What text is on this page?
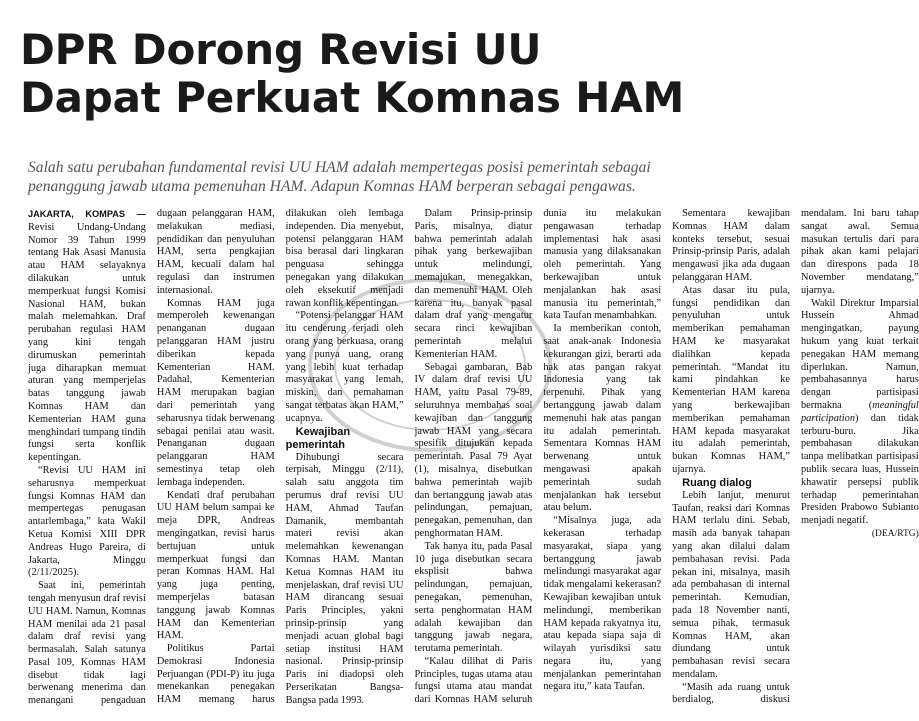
DPR Dorong Revisi UU
Dapat Perkuat Komnas HAM
Salah satu perubahan fundamental revisi UU HAM adalah mempertegas posisi pemerintah sebagai
penanggung jawab utama pemenuhan HAM. Adapun Komnas HAM berperan sebagai pengawas.

JAKARTA, KOMPAS — Revisi Undang-Undang Nomor 39 Tahun 1999 tentang Hak Asasi Manusia atau HAM selayaknya dilakukan untuk memperkuat fungsi Komisi Nasional HAM, bukan malah melemahkan. Draf perubahan regulasi HAM yang kini tengah dirumuskan pemerintah juga diharapkan memuat aturan yang memperjelas batas tanggung jawab Komnas HAM dan Kementerian HAM guna menghindari tumpang tindih fungsi serta konflik kepentingan.

“Revisi UU HAM ini seharusnya memperkuat fungsi Komnas HAM dan mempertegas penugasan antarlembaga,” kata Wakil Ketua Komisi XIII DPR Andreas Hugo Pareira, di Jakarta, Minggu (2/11/2025).

Saat ini, pemerintah tengah menyusun draf revisi UU HAM. Namun, Komnas HAM menilai ada 21 pasal dalam draf revisi yang bermasalah. Salah satunya Pasal 109, Komnas HAM disebut tidak lagi berwenang menerima dan menangani pengaduan dugaan pelanggaran HAM, melakukan mediasi, pendidikan dan penyuluhan HAM, serta pengkajian HAM, kecuali dalam hal regulasi dan instrumen internasional.

Komnas HAM juga memperoleh kewenangan penanganan dugaan pelanggaran HAM justru diberikan kepada Kementerian HAM. Padahal, Kementerian HAM merupakan bagian dari pemerintah yang seharusnya tidak berwenang sebagai penilai atau wasit. Penanganan dugaan pelanggaran HAM semestinya tetap oleh lembaga independen.

Kendati draf perubahan UU HAM belum sampai ke meja DPR, Andreas mengingatkan, revisi harus bertujuan untuk memperkuat fungsi dan peran Komnas HAM. Hal yang juga penting, memperjelas batasan tanggung jawab Komnas HAM dan Kementerian HAM.

Politikus Partai Demokrasi Indonesia Perjuangan (PDI-P) itu juga menekankan penegakan HAM memang harus dilakukan oleh lembaga independen. Dia menyebut, potensi pelanggaran HAM bisa berasal dari lingkaran penguasa sehingga penegakan yang dilakukan oleh eksekutif menjadi rawan konflik kepentingan.

“Potensi pelanggar HAM itu cenderung terjadi oleh orang yang berkuasa, orang yang punya uang, orang yang lebih kuat terhadap masyarakat yang lemah, miskin, dan pemahaman sangat terbatas akan HAM,” ucapnya.

Kewajiban pemerintah

Dihubungi secara terpisah, Minggu (2/11), salah satu anggota tim perumus draf revisi UU HAM, Ahmad Taufan Damanik, membantah materi revisi akan melemahkan kewenangan Komnas HAM. Mantan Ketua Komnas HAM itu menjelaskan, draf revisi UU HAM dirancang sesuai Paris Principles, yakni prinsip-prinsip yang menjadi acuan global bagi setiap institusi HAM nasional. Prinsip-prinsip Paris ini diadopsi oleh Perserikatan Bangsa-Bangsa pada 1993.

Dalam Prinsip-prinsip Paris, misalnya, diatur bahwa pemerintah adalah pihak yang berkewajiban untuk melindungi, memajukan, menegakkan, dan memenuhi HAM. Oleh karena itu, banyak pasal dalam draf yang mengatur secara rinci kewajiban pemerintah melalui Kementerian HAM.

Sebagai gambaran, Bab IV dalam draf revisi UU HAM, yaitu Pasal 79-89, seluruhnya membahas soal kewajiban dan tanggung jawab HAM yang secara spesifik ditujukan kepada pemerintah. Pasal 79 Ayat (1), misalnya, disebutkan bahwa pemerintah wajib dan bertanggung jawab atas pelindungan, pemajuan, penegakan, pemenuhan, dan penghormatan HAM.

Tak hanya itu, pada Pasal 10 juga disebutkan secara eksplisit bahwa pelindungan, pemajuan, penegakan, pemenuhan, serta penghormatan HAM adalah kewajiban dan tanggung jawab negara, terutama pemerintah.

“Kalau dilihat di Paris Principles, tugas utama atau fungsi utama atau mandat dari Komnas HAM seluruh dunia itu melakukan pengawasan terhadap implementasi hak asasi manusia yang dilaksanakan oleh pemerintah. Yang berkewajiban untuk menjalankan hak asasi manusia itu pemerintah,” kata Taufan menambahkan.

Ia memberikan contoh, saat anak-anak Indonesia kekurangan gizi, berarti ada hak atas pangan rakyat Indonesia yang tak terpenuhi. Pihak yang bertanggung jawab dalam memenuhi hak atas pangan itu adalah pemerintah. Sementara Komnas HAM berwenang untuk mengawasi apakah pemerintah sudah menjalankan hak tersebut atau belum.

“Misalnya juga, ada kekerasan terhadap masyarakat, siapa yang bertanggung jawab melindungi masyarakat agar tidak mengalami kekerasan? Kewajiban kewajiban untuk melindungi, memberikan HAM kepada rakyatnya itu, atau kepada siapa saja di wilayah yurisdiksi satu negara itu, yang menjalankan pemerintahan negara itu,” kata Taufan.

Sementara kewajiban Komnas HAM dalam konteks tersebut, sesuai Prinsip-prinsip Paris, adalah mengawasi jika ada dugaan pelanggaran HAM.

Atas dasar itu pula, fungsi pendidikan dan penyuluhan untuk memberikan pemahaman HAM ke masyarakat dialihkan kepada pemerintah. “Mandat itu kami pindahkan ke Kementerian HAM karena yang berkewajiban memberikan pemahaman HAM kepada masyarakat itu adalah pemerintah, bukan Komnas HAM,” ujarnya.

Ruang dialog

Lebih lanjut, menurut Taufan, reaksi dari Komnas HAM terlalu dini. Sebab, masih ada banyak tahapan yang akan dilalui dalam pembahasan revisi. Pada pekan ini, misalnya, masih ada pembahasan di internal pemerintah. Kemudian, pada 18 November nanti, semua pihak, termasuk Komnas HAM, akan diundang untuk pembahasan revisi secara mendalam.

“Masih ada ruang untuk berdialog, diskusi mendalam. Ini baru tahap sangat awal. Semua masukan tertulis dari para pihak akan kami pelajari dan direspons pada 18 November mendatang,” ujarnya.

Wakil Direktur Imparsial Hussein Ahmad mengingatkan, payung hukum yang kuat terkait penegakan HAM memang diperlukan. Namun, pembahasannya harus dengan partisipasi bermakna (meaningful participation) dan tidak terburu-buru. Jika pembahasan dilakukan tanpa melibatkan partisipasi publik secara luas, Hussein khawatir persepsi publik terhadap pemerintahan Presiden Prabowo Subianto menjadi negatif.

(DEA/RTG)
